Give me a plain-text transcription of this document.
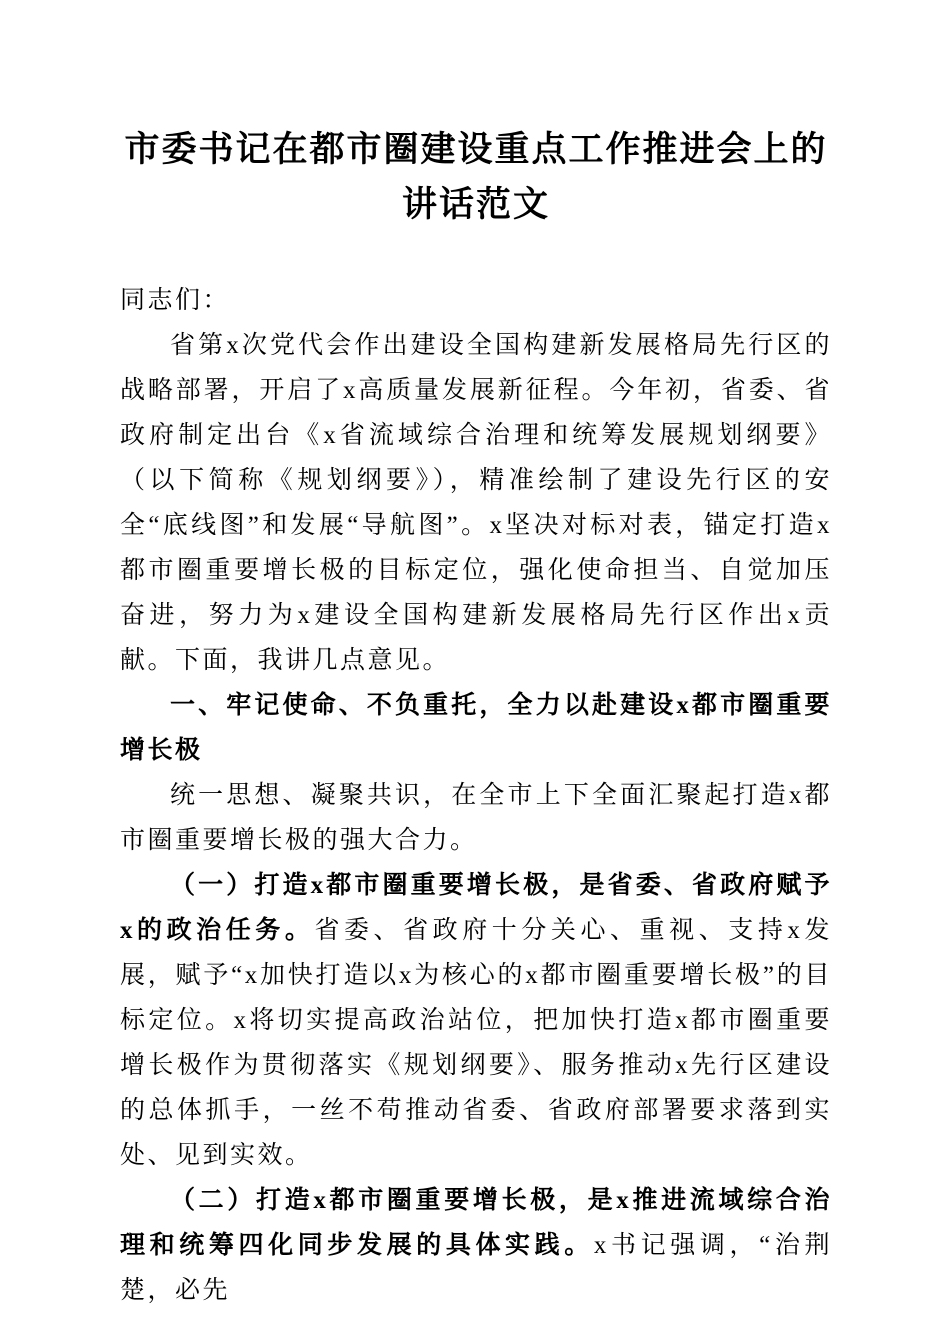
市委书记在都市圈建设重点工作推进会上的讲话范文

同志们：

省第x次党代会作出建设全国构建新发展格局先行区的战略部署，开启了x高质量发展新征程。今年初，省委、省政府制定出台《x省流域综合治理和统筹发展规划纲要》（以下简称《规划纲要》），精准绘制了建设先行区的安全“底线图”和发展“导航图”。x坚决对标对表，锚定打造x都市圈重要增长极的目标定位，强化使命担当、自觉加压奋进，努力为x建设全国构建新发展格局先行区作出x贡献。下面，我讲几点意见。

一、牢记使命、不负重托，全力以赴建设x都市圈重要增长极

统一思想、凝聚共识，在全市上下全面汇聚起打造x都市圈重要增长极的强大合力。

（一）打造x都市圈重要增长极，是省委、省政府赋予x的政治任务。省委、省政府十分关心、重视、支持x发展，赋予“x加快打造以x为核心的x都市圈重要增长极”的目标定位。x将切实提高政治站位，把加快打造x都市圈重要增长极作为贯彻落实《规划纲要》、服务推动x先行区建设的总体抓手，一丝不苟推动省委、省政府部署要求落到实处、见到实效。

（二）打造x都市圈重要增长极，是x推进流域综合治理和统筹四化同步发展的具体实践。x书记强调，“治荆楚，必先
